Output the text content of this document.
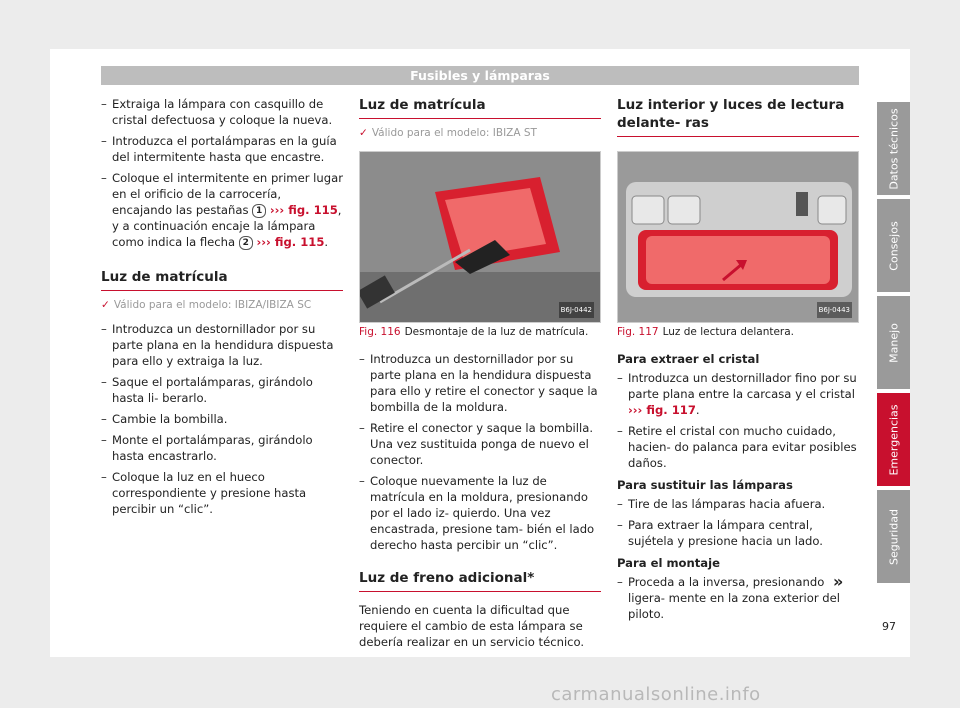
Fusibles y lámparas
– Extraiga la lámpara con casquillo de cristal defectuosa y coloque la nueva.
– Introduzca el portalámparas en la guía del intermitente hasta que encastre.
– Coloque el intermitente en primer lugar en el orificio de la carrocería, encajando las pestañas 1 ››› fig. 115, y a continuación encaje la lámpara como indica la flecha 2 ››› fig. 115.
Luz de matrícula
✓ Válido para el modelo: IBIZA/IBIZA SC
– Introduzca un destornillador por su parte plana en la hendidura dispuesta para ello y extraiga la luz.
– Saque el portalámparas, girándolo hasta li- berarlo.
– Cambie la bombilla.
– Monte el portalámparas, girándolo hasta encastrarlo.
– Coloque la luz en el hueco correspondiente y presione hasta percibir un “clic”.
Luz de matrícula
✓ Válido para el modelo: IBIZA ST
B6J-0442
Fig. 116 Desmontaje de la luz de matrícula.
– Introduzca un destornillador por su parte plana en la hendidura dispuesta para ello y retire el conector y saque la bombilla de la moldura.
– Retire el conector y saque la bombilla. Una vez sustituida ponga de nuevo el conector.
– Coloque nuevamente la luz de matrícula en la moldura, presionando por el lado iz- quierdo. Una vez encastrada, presione tam- bién el lado derecho hasta percibir un “clic”.
Luz de freno adicional*

Teniendo en cuenta la dificultad que requiere el cambio de esta lámpara se debería realizar en un servicio técnico.

Luz interior y luces de lectura delante- ras
B6J-0443
Fig. 117 Luz de lectura delantera.
Para extraer el cristal
– Introduzca un destornillador fino por su parte plana entre la carcasa y el cristal ››› fig. 117.
– Retire el cristal con mucho cuidado, hacien- do palanca para evitar posibles daños.
Para sustituir las lámparas
– Tire de las lámparas hacia afuera.
– Para extraer la lámpara central, sujétela y presione hacia un lado.
Para el montaje
– Proceda a la inversa, presionando ligera- mente en la zona exterior del piloto.
»
Datos técnicos
Consejos
Manejo
Emergencias
Seguridad
97
carmanualsonline.info
